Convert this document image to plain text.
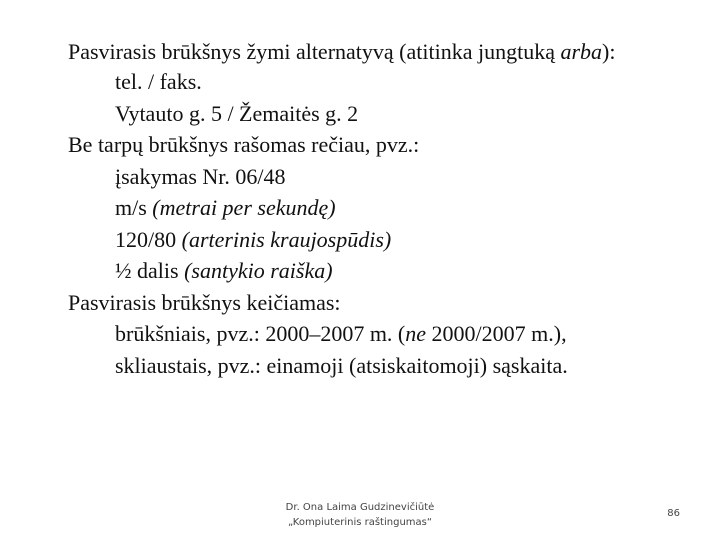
Pasvirasis brūkšnys žymi alternatyvą (atitinka jungtuką arba):
tel. / faks.
Vytauto g. 5 / Žemaitės g. 2
Be tarpų brūkšnys rašomas rečiau, pvz.:
įsakymas Nr. 06/48
m/s (metrai per sekundę)
120/80 (arterinis kraujospūdis)
½ dalis (santykio raiška)
Pasvirasis brūkšnys keičiamas:
brūkšniais, pvz.: 2000–2007 m. (ne 2000/2007 m.),
skliaustais, pvz.: einamoji (atsiskaitomoji) sąskaita.
Dr. Ona Laima Gudzinevičiūtė
„Kompiuterinis raštingumas“
86
